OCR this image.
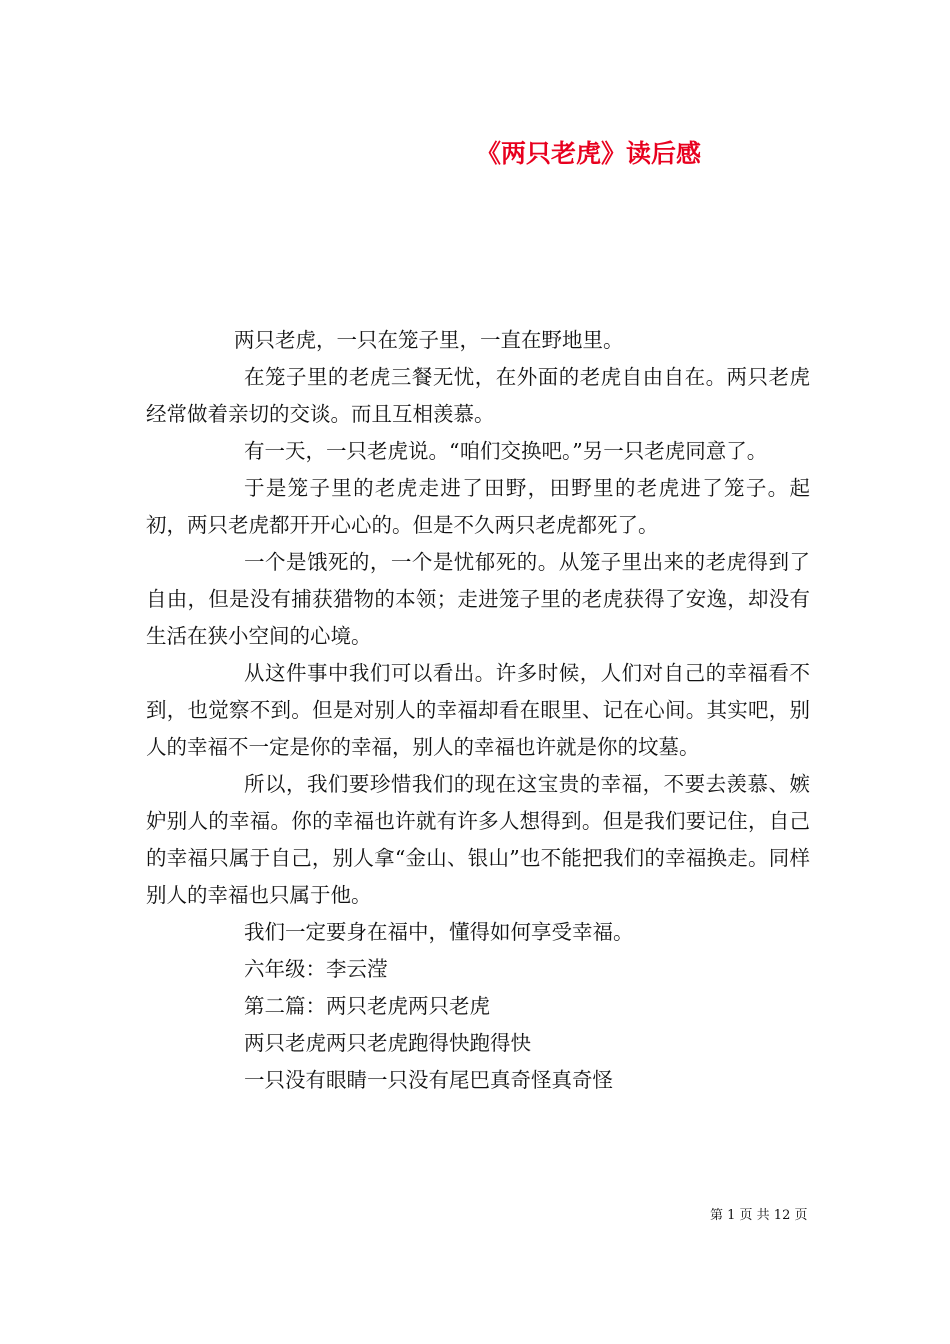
《两只老虎》读后感

两只老虎，一只在笼子里，一直在野地里。

在笼子里的老虎三餐无忧，在外面的老虎自由自在。两只老虎经常做着亲切的交谈。而且互相羡慕。

有一天，一只老虎说。“咱们交换吧。”另一只老虎同意了。

于是笼子里的老虎走进了田野，田野里的老虎进了笼子。起初，两只老虎都开开心心的。但是不久两只老虎都死了。

一个是饿死的，一个是忧郁死的。从笼子里出来的老虎得到了自由，但是没有捕获猎物的本领；走进笼子里的老虎获得了安逸，却没有生活在狭小空间的心境。

从这件事中我们可以看出。许多时候，人们对自己的幸福看不到，也觉察不到。但是对别人的幸福却看在眼里、记在心间。其实吧，别人的幸福不一定是你的幸福，别人的幸福也许就是你的坟墓。

所以，我们要珍惜我们的现在这宝贵的幸福，不要去羡慕、嫉妒别人的幸福。你的幸福也许就有许多人想得到。但是我们要记住，自己的幸福只属于自己，别人拿“金山、银山”也不能把我们的幸福换走。同样别人的幸福也只属于他。

我们一定要身在福中，懂得如何享受幸福。

六年级：李云滢

第二篇：两只老虎两只老虎

两只老虎两只老虎跑得快跑得快

一只没有眼睛一只没有尾巴真奇怪真奇怪

第 1 页 共 12 页
